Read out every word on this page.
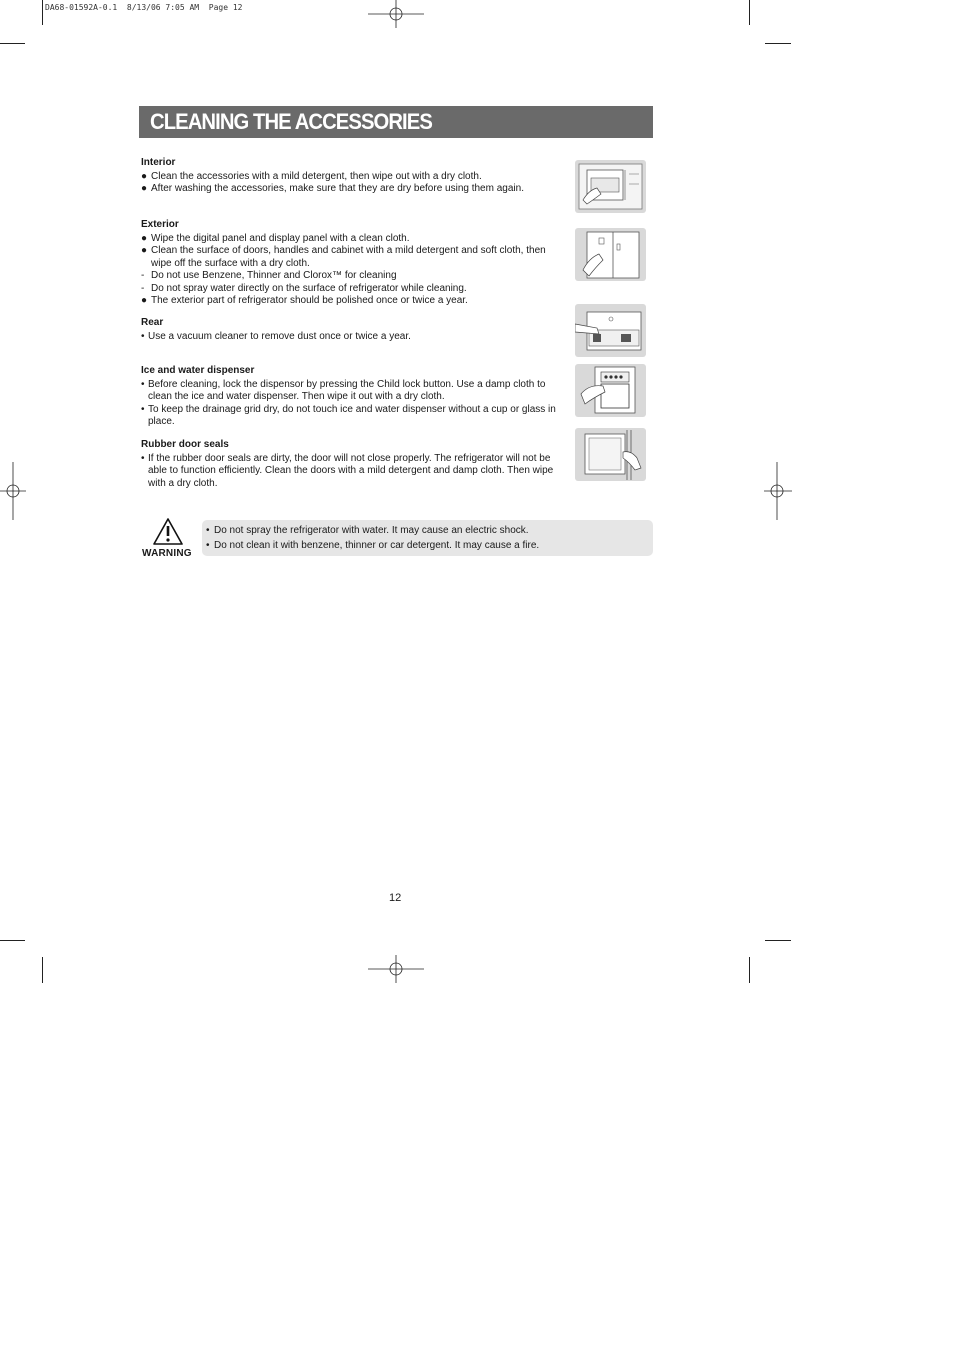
DA68-01592A-0.1  8/13/06 7:05 AM  Page 12
CLEANING THE ACCESSORIES
Interior
● Clean the accessories with a mild detergent, then wipe out with a dry cloth.
● After washing the accessories, make sure that they are dry before using them again.
Exterior
● Wipe the digital panel and display panel with a clean cloth.
● Clean the surface of doors, handles and cabinet with a mild detergent and soft cloth, then wipe off the surface with a dry cloth.
- Do not use Benzene, Thinner and Clorox™ for cleaning
- Do not spray water directly on the surface of refrigerator while cleaning.
● The exterior part of refrigerator should be polished once or twice a year.
Rear
• Use a vacuum cleaner to remove dust once or twice a year.
Ice and water dispenser
• Before cleaning, lock the dispensor by pressing the Child lock button. Use a damp cloth to clean the ice and water dispenser. Then wipe it out with a dry cloth.
• To keep the drainage grid dry, do not touch ice and water dispenser without a cup or glass in place.
Rubber door seals
• If the rubber door seals are dirty, the door will not close properly. The refrigerator will not be able to function efficiently. Clean the doors with a mild detergent and damp cloth. Then wipe with a dry cloth.
WARNING
• Do not spray the refrigerator with water. It may cause an electric shock.
• Do not clean it with benzene, thinner or car detergent. It may cause a fire.
12
